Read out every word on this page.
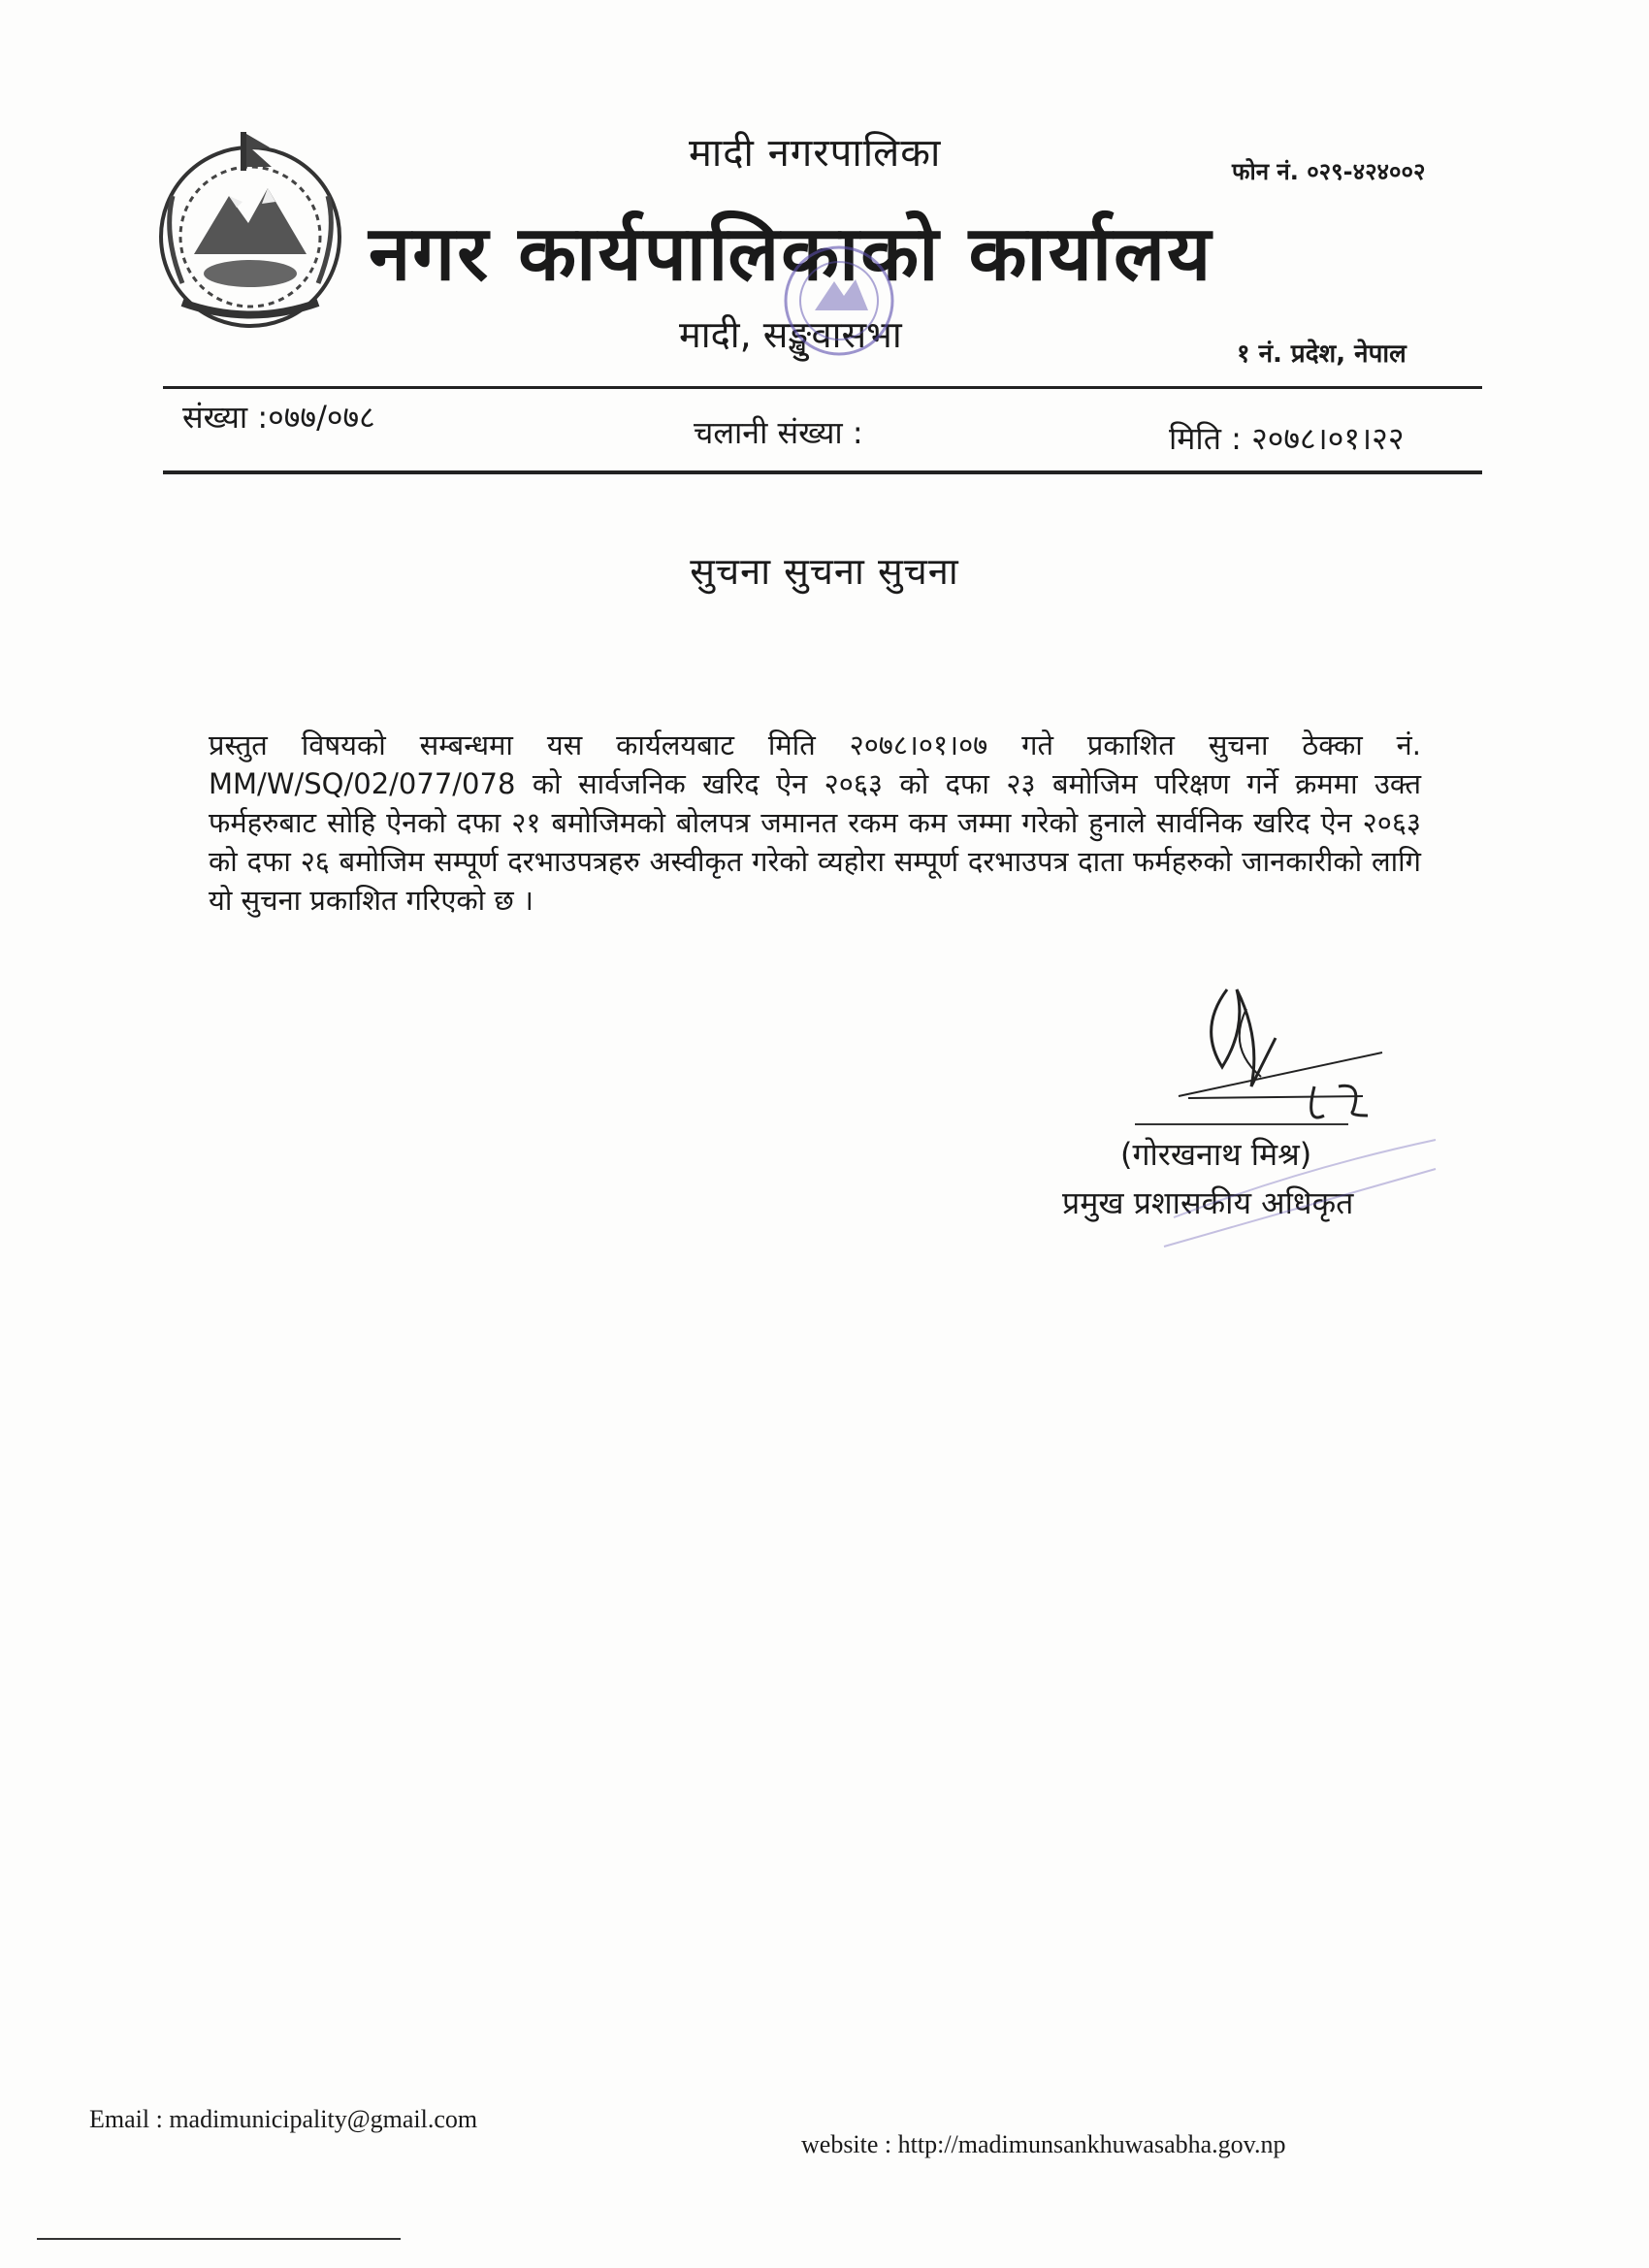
मादी नगरपालिका
नगर कार्यपालिकाको कार्यालय
फोन नं. ०२९-४२४००२
मादी, सङ्खुवासभा	१ नं. प्रदेश, नेपाल
संख्या :०७७/०७८	चलानी संख्या :	मिति : २०७८।०१।२२
सुचना सुचना सुचना
प्रस्तुत विषयको सम्बन्धमा यस कार्यलयबाट मिति २०७८।०१।०७ गते प्रकाशित सुचना ठेक्का नं. MM/W/SQ/02/077/078 को सार्वजनिक खरिद ऐन २०६३ को दफा २३ बमोजिम परिक्षण गर्ने क्रममा उक्त फर्महरुबाट सोहि ऐनको दफा २१ बमोजिमको बोलपत्र जमानत रकम कम जम्मा गरेको हुनाले सार्वनिक खरिद ऐन २०६३ को दफा २६ बमोजिम सम्पूर्ण दरभाउपत्रहरु अस्वीकृत गरेको व्यहोरा सम्पूर्ण दरभाउपत्र दाता फर्महरुको जानकारीको लागि यो सुचना प्रकाशित गरिएको छ ।
(गोरखनाथ मिश्र)
प्रमुख प्रशासकीय अधिकृत
Email : madimunicipality@gmail.com
website : http://madimunsankhuwasabha.gov.np
